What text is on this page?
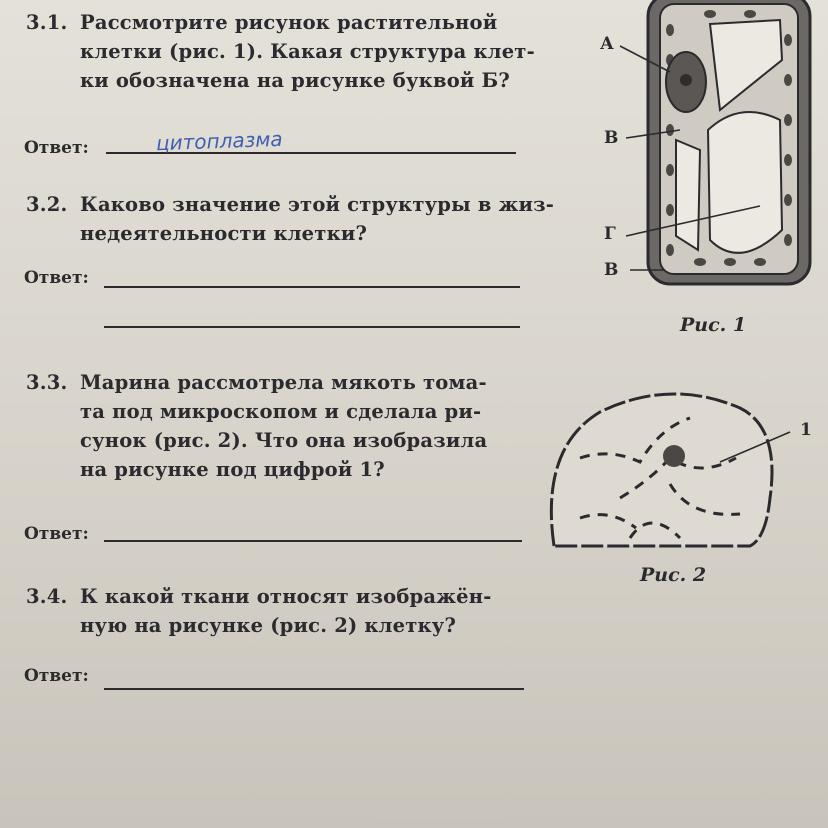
3.1. Рассмотрите рисунок растительной
клетки (рис. 1). Какая структура клет-
ки обозначена на рисунке буквой Б?
Ответ:	цитоплазма
3.2. Каково значение этой структуры в жиз-
недеятельности клетки?
Ответ:
3.3. Марина рассмотрела мякоть тома-
та под микроскопом и сделала ри-
сунок (рис. 2). Что она изобразила
на рисунке под цифрой 1?
Ответ:
3.4. К какой ткани относят изображён-
ную на рисунке (рис. 2) клетку?
Ответ:
А
В
Г
В
Рис. 1
1
Рис. 2
